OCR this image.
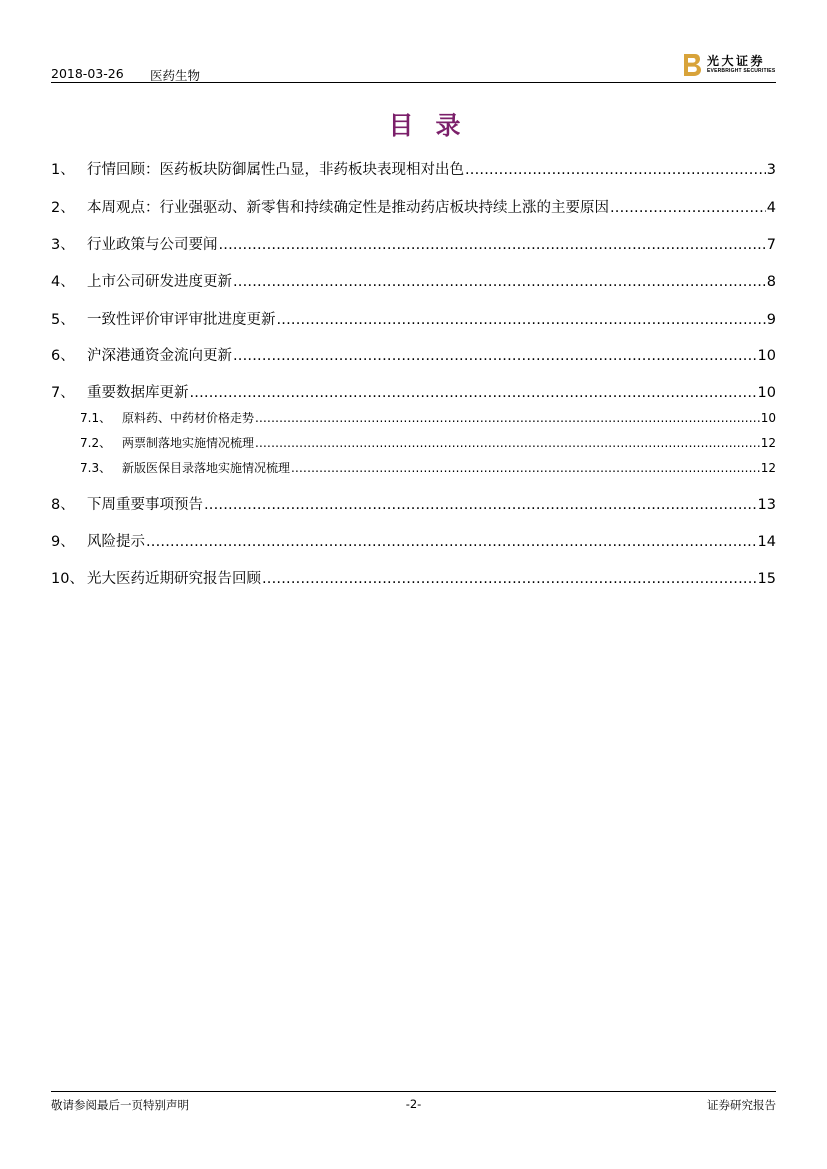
2018-03-26 医药生物
光大证券
EVERBRIGHT SECURITIES
目录
1、 行情回顾：医药板块防御属性凸显，非药板块表现相对出色 .....	3
2、 本周观点：行业强驱动、新零售和持续确定性是推动药店板块持续上涨的主要原因 .....	4
3、 行业政策与公司要闻 .....	7
4、 上市公司研发进度更新 .....	8
5、 一致性评价审评审批进度更新 .....	9
6、 沪深港通资金流向更新 .....	10
7、 重要数据库更新 .....	10
7.1、 原料药、中药材价格走势 .....	10
7.2、 两票制落地实施情况梳理 .....	12
7.3、 新版医保目录落地实施情况梳理 .....	12
8、 下周重要事项预告 .....	13
9、 风险提示 .....	14
10、 光大医药近期研究报告回顾 .....	15
敬请参阅最后一页特别声明	-2-	证券研究报告
